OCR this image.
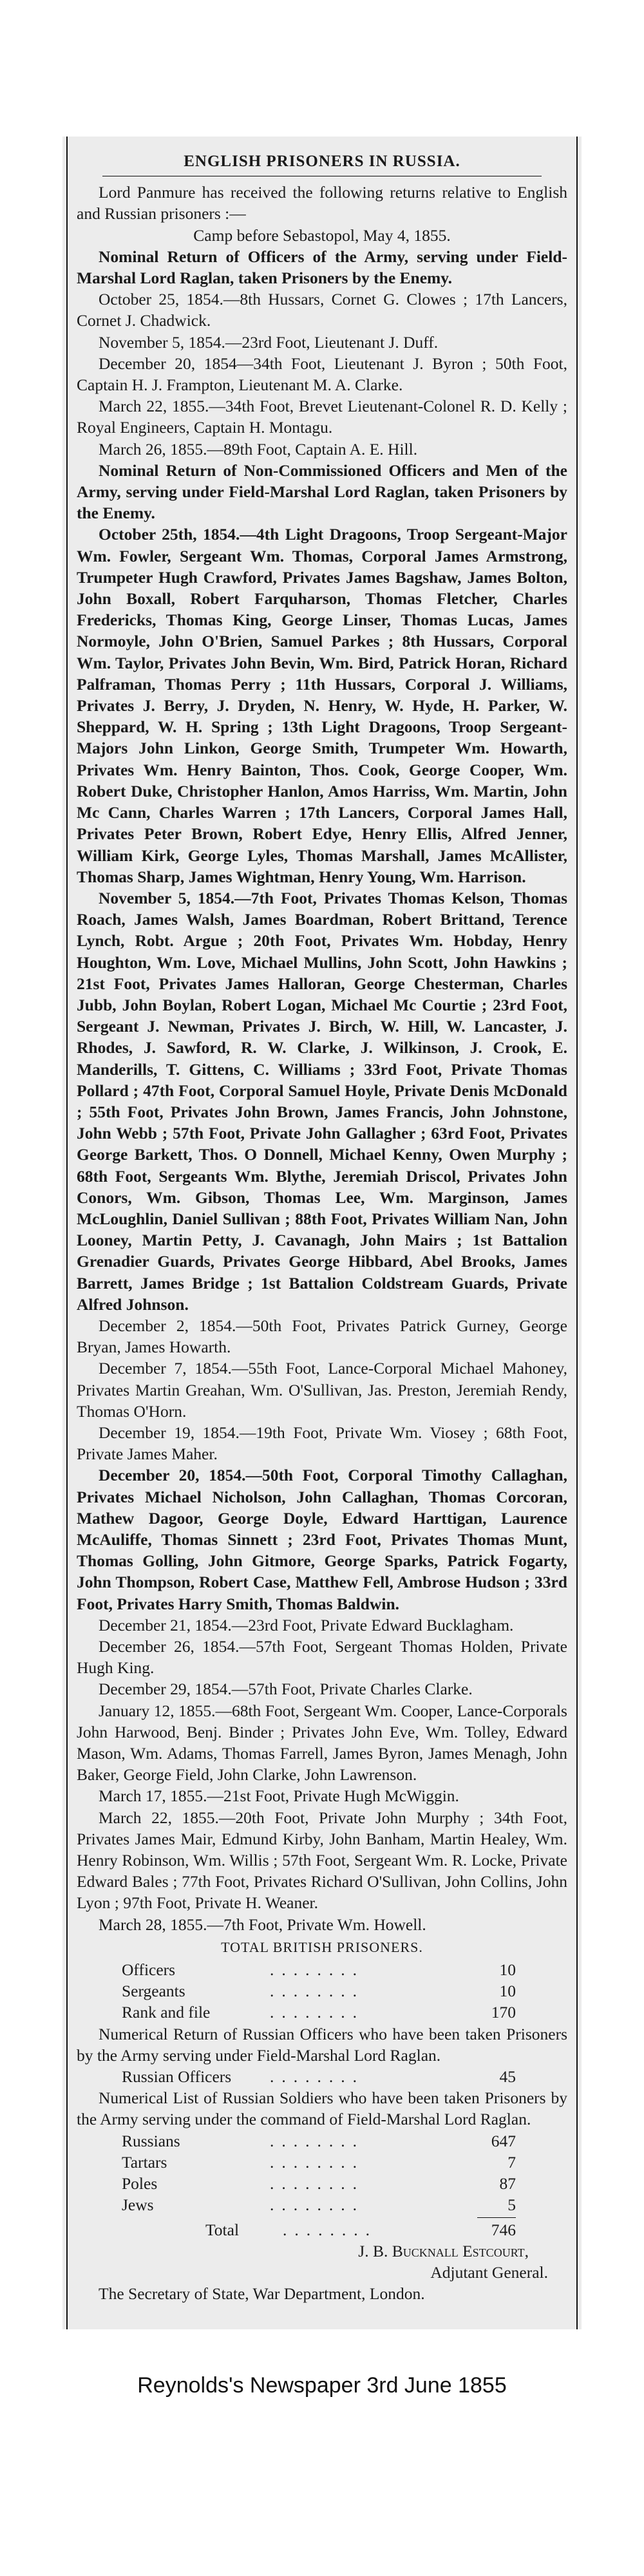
ENGLISH PRISONERS IN RUSSIA.

Lord Panmure has received the following returns relative to English and Russian prisoners :—

Camp before Sebastopol, May 4, 1855.

Nominal Return of Officers of the Army, serving under Field-Marshal Lord Raglan, taken Prisoners by the Enemy.

October 25, 1854.—8th Hussars, Cornet G. Clowes ; 17th Lancers, Cornet J. Chadwick.

November 5, 1854.—23rd Foot, Lieutenant J. Duff.

December 20, 1854—34th Foot, Lieutenant J. Byron ; 50th Foot, Captain H. J. Frampton, Lieutenant M. A. Clarke.

March 22, 1855.—34th Foot, Brevet Lieutenant-Colonel R. D. Kelly ; Royal Engineers, Captain H. Montagu.

March 26, 1855.—89th Foot, Captain A. E. Hill.

Nominal Return of Non-Commissioned Officers and Men of the Army, serving under Field-Marshal Lord Raglan, taken Prisoners by the Enemy.

October 25th, 1854.—4th Light Dragoons, Troop Sergeant-Major Wm. Fowler, Sergeant Wm. Thomas, Corporal James Armstrong, Trumpeter Hugh Crawford, Privates James Bagshaw, James Bolton, John Boxall, Robert Farquharson, Thomas Fletcher, Charles Fredericks, Thomas King, George Linser, Thomas Lucas, James Normoyle, John O'Brien, Samuel Parkes ; 8th Hussars, Corporal Wm. Taylor, Privates John Bevin, Wm. Bird, Patrick Horan, Richard Palframan, Thomas Perry ; 11th Hussars, Corporal J. Williams, Privates J. Berry, J. Dryden, N. Henry, W. Hyde, H. Parker, W. Sheppard, W. H. Spring ; 13th Light Dragoons, Troop Sergeant-Majors John Linkon, George Smith, Trumpeter Wm. Howarth, Privates Wm. Henry Bainton, Thos. Cook, George Cooper, Wm. Robert Duke, Christopher Hanlon, Amos Harriss, Wm. Martin, John Mc Cann, Charles Warren ; 17th Lancers, Corporal James Hall, Privates Peter Brown, Robert Edye, Henry Ellis, Alfred Jenner, William Kirk, George Lyles, Thomas Marshall, James McAllister, Thomas Sharp, James Wightman, Henry Young, Wm. Harrison.

November 5, 1854.—7th Foot, Privates Thomas Kelson, Thomas Roach, James Walsh, James Boardman, Robert Brittand, Terence Lynch, Robt. Argue ; 20th Foot, Privates Wm. Hobday, Henry Houghton, Wm. Love, Michael Mullins, John Scott, John Hawkins ; 21st Foot, Privates James Halloran, George Chesterman, Charles Jubb, John Boylan, Robert Logan, Michael Mc Courtie ; 23rd Foot, Sergeant J. Newman, Privates J. Birch, W. Hill, W. Lancaster, J. Rhodes, J. Sawford, R. W. Clarke, J. Wilkinson, J. Crook, E. Manderills, T. Gittens, C. Williams ; 33rd Foot, Private Thomas Pollard ; 47th Foot, Corporal Samuel Hoyle, Private Denis McDonald ; 55th Foot, Privates John Brown, James Francis, John Johnstone, John Webb ; 57th Foot, Private John Gallagher ; 63rd Foot, Privates George Barkett, Thos. O Donnell, Michael Kenny, Owen Murphy ; 68th Foot, Sergeants Wm. Blythe, Jeremiah Driscol, Privates John Conors, Wm. Gibson, Thomas Lee, Wm. Marginson, James McLoughlin, Daniel Sullivan ; 88th Foot, Privates William Nan, John Looney, Martin Petty, J. Cavanagh, John Mairs ; 1st Battalion Grenadier Guards, Privates George Hibbard, Abel Brooks, James Barrett, James Bridge ; 1st Battalion Coldstream Guards, Private Alfred Johnson.

December 2, 1854.—50th Foot, Privates Patrick Gurney, George Bryan, James Howarth.

December 7, 1854.—55th Foot, Lance-Corporal Michael Mahoney, Privates Martin Greahan, Wm. O'Sullivan, Jas. Preston, Jeremiah Rendy, Thomas O'Horn.

December 19, 1854.—19th Foot, Private Wm. Viosey ; 68th Foot, Private James Maher.

December 20, 1854.—50th Foot, Corporal Timothy Callaghan, Privates Michael Nicholson, John Callaghan, Thomas Corcoran, Mathew Dagoor, George Doyle, Edward Harttigan, Laurence McAuliffe, Thomas Sinnett ; 23rd Foot, Privates Thomas Munt, Thomas Golling, John Gitmore, George Sparks, Patrick Fogarty, John Thompson, Robert Case, Matthew Fell, Ambrose Hudson ; 33rd Foot, Privates Harry Smith, Thomas Baldwin.

December 21, 1854.—23rd Foot, Private Edward Bucklagham.

December 26, 1854.—57th Foot, Sergeant Thomas Holden, Private Hugh King.

December 29, 1854.—57th Foot, Private Charles Clarke.

January 12, 1855.—68th Foot, Sergeant Wm. Cooper, Lance-Corporals John Harwood, Benj. Binder ; Privates John Eve, Wm. Tolley, Edward Mason, Wm. Adams, Thomas Farrell, James Byron, James Menagh, John Baker, George Field, John Clarke, John Lawrenson.

March 17, 1855.—21st Foot, Private Hugh McWiggin.

March 22, 1855.—20th Foot, Private John Murphy ; 34th Foot, Privates James Mair, Edmund Kirby, John Banham, Martin Healey, Wm. Henry Robinson, Wm. Willis ; 57th Foot, Sergeant Wm. R. Locke, Private Edward Bales ; 77th Foot, Privates Richard O'Sullivan, John Collins, John Lyon ; 97th Foot, Private H. Weaner.

March 28, 1855.—7th Foot, Private Wm. Howell.

TOTAL BRITISH PRISONERS.
Officers	........	10
Sergeants	........	10
Rank and file	........	170

Numerical Return of Russian Officers who have been taken Prisoners by the Army serving under Field-Marshal Lord Raglan.

Russian Officers	........	45

Numerical List of Russian Soldiers who have been taken Prisoners by the Army serving under the command of Field-Marshal Lord Raglan.

Russians	........	647
Tartars	........	7
Poles	........	87
Jews	........	5
Total	........	746
J. B. Bucknall Estcourt,
Adjutant General.

The Secretary of State, War Department, London.

Reynolds's Newspaper 3rd June 1855
